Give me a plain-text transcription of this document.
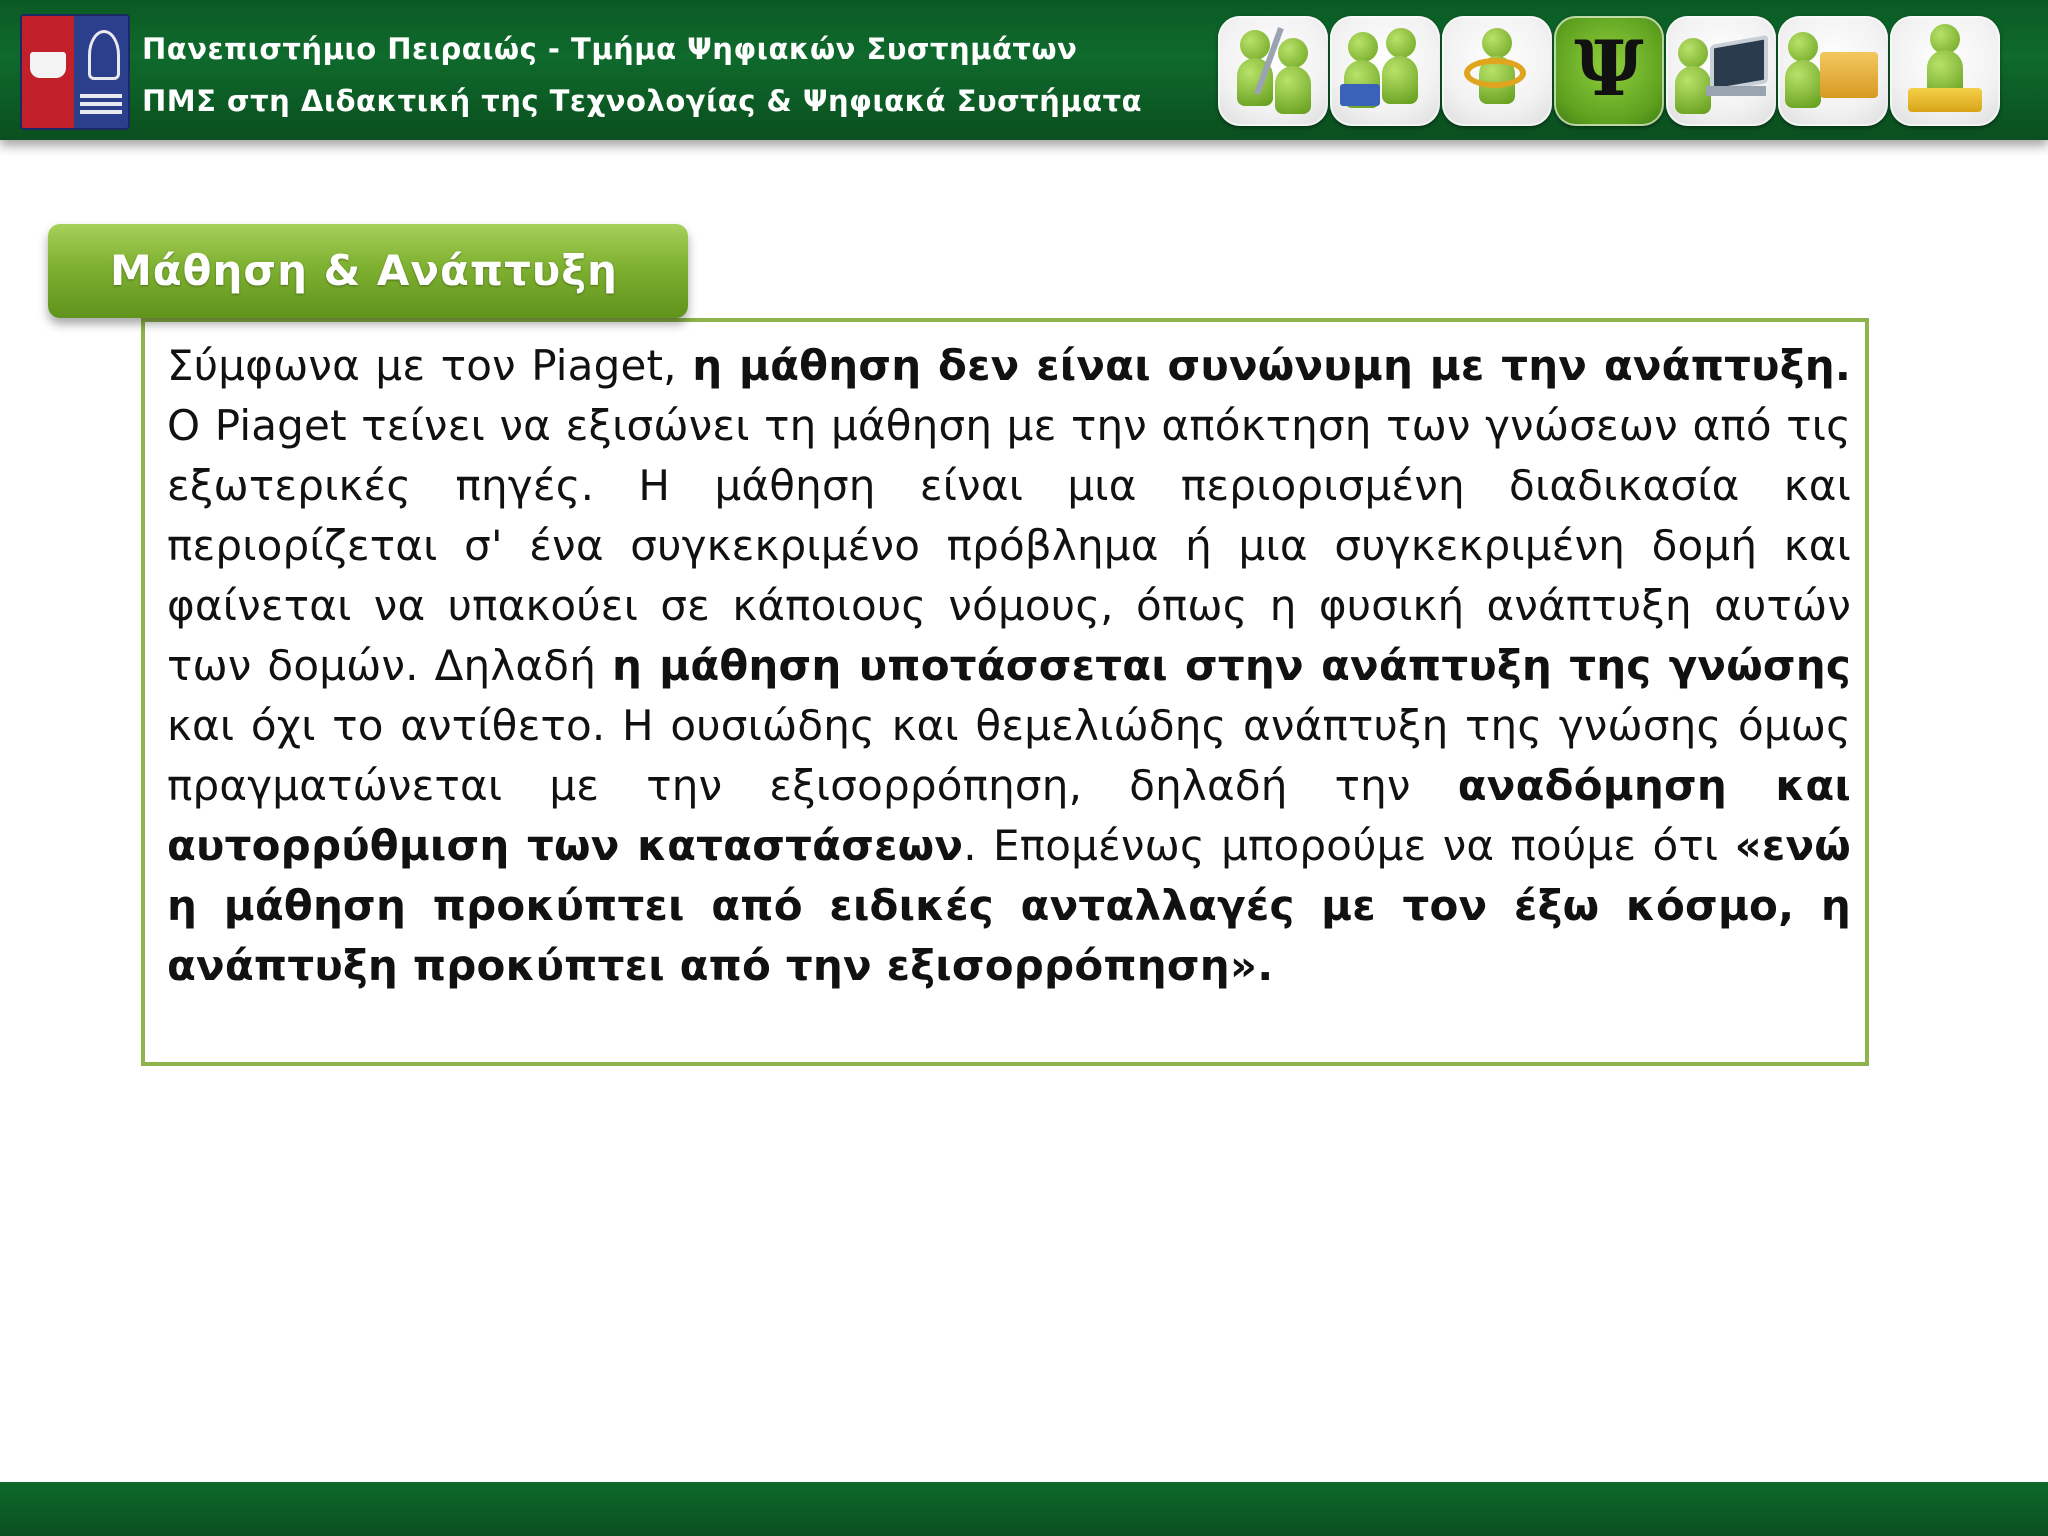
Πανεπιστήμιο Πειραιώς - Τμήμα Ψηφιακών Συστημάτων
ΠΜΣ στη Διδακτική της Τεχνολογίας & Ψηφιακά Συστήματα	Ψ
Μάθηση & Ανάπτυξη
Σύμφωνα με τον Piaget, η μάθηση δεν είναι συνώνυμη με την ανάπτυξη. Ο Piaget τείνει να εξισώνει τη μάθηση με την απόκτηση των γνώσεων από τις εξωτερικές πηγές. Η μάθηση είναι μια περιορισμένη διαδικασία και περιορίζεται σ' ένα συγκεκριμένο πρόβλημα ή μια συγκεκριμένη δομή και φαίνεται να υπακούει σε κάποιους νόμους, όπως η φυσική ανάπτυξη αυτών των δομών. Δηλαδή η μάθηση υποτάσσεται στην ανάπτυξη της γνώσης και όχι το αντίθετο. Η ουσιώδης και θεμελιώδης ανάπτυξη της γνώσης όμως πραγματώνεται με την εξισορρόπηση, δηλαδή την αναδόμηση και αυτορρύθμιση των καταστάσεων. Επομένως μπορούμε να πούμε ότι «ενώ η μάθηση προκύπτει από ειδικές ανταλλαγές με τον έξω κόσμο, η ανάπτυξη προκύπτει από την εξισορρόπηση».
